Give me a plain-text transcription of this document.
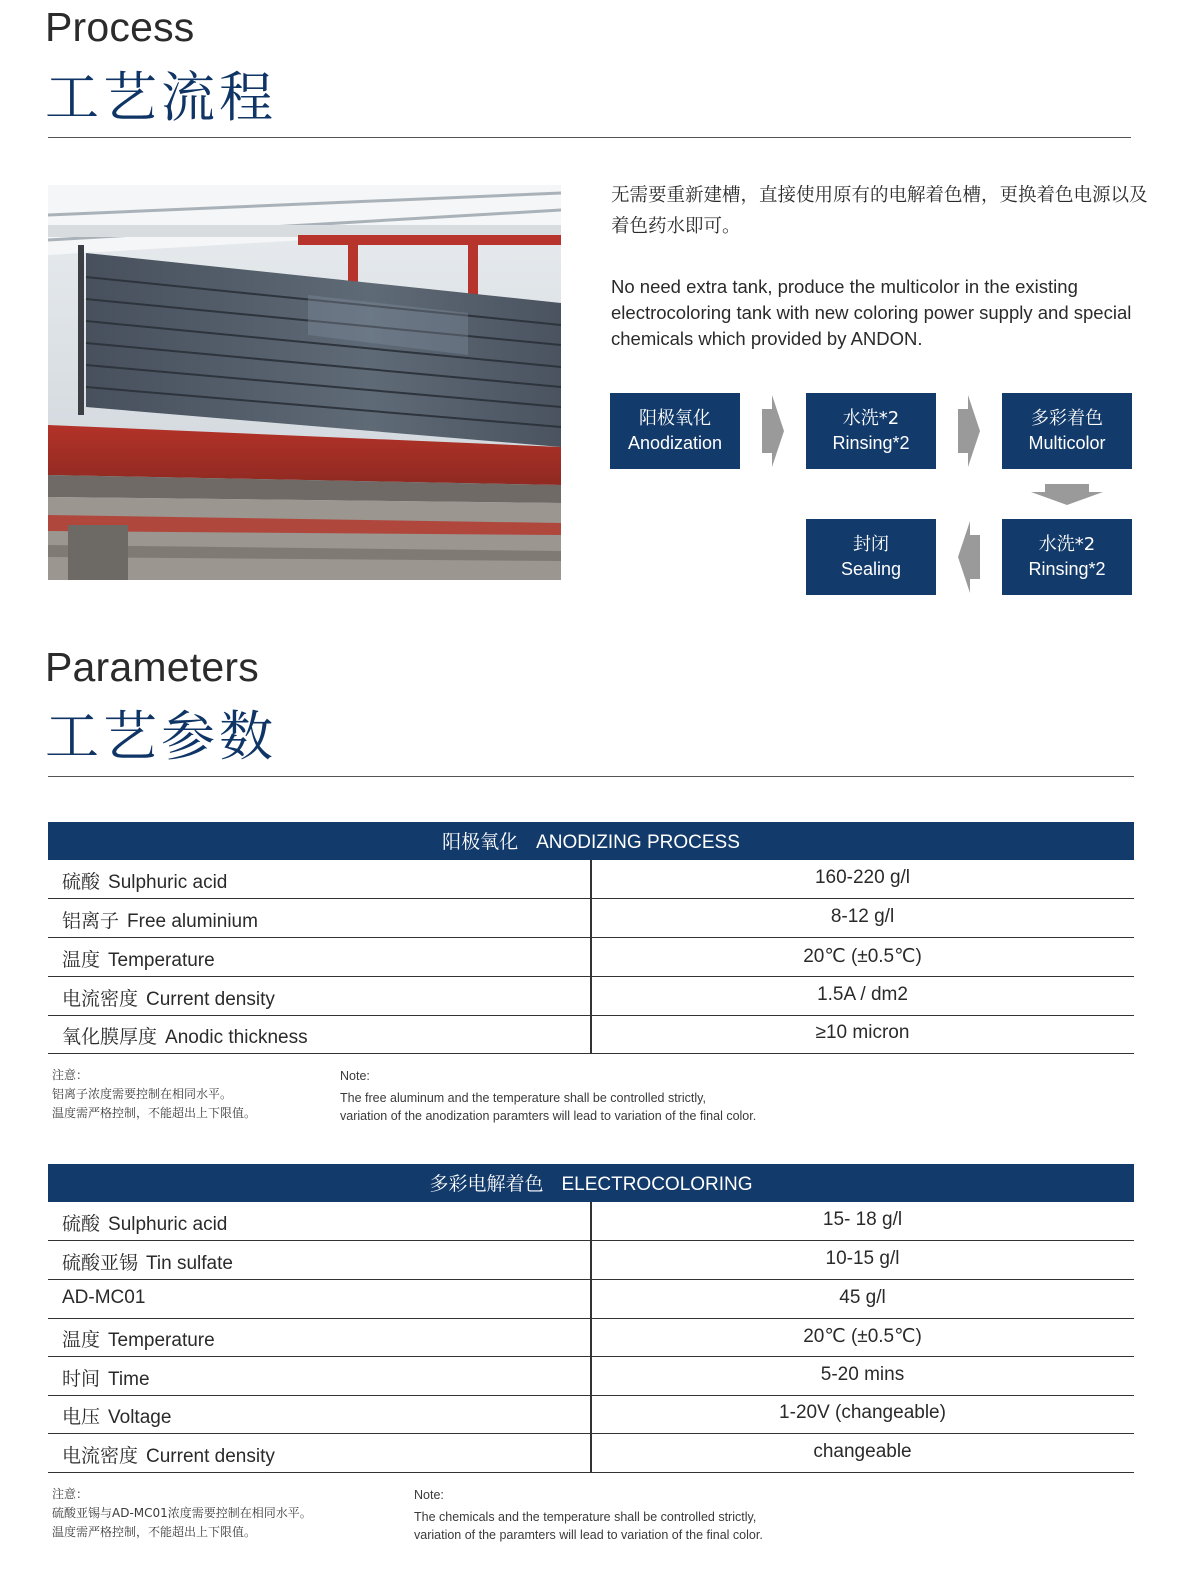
Process
工艺流程
无需要重新建槽，直接使用原有的电解着色槽，更换着色电源以及着色药水即可。
No need extra tank, produce the multicolor in the existing electrocoloring tank with new coloring power supply and special chemicals which provided by ANDON.
阳极氧化
Anodization
水洗*2
Rinsing*2
多彩着色
Multicolor
水洗*2
Rinsing*2
封闭
Sealing
Parameters
工艺参数
阳极氧化 ANODIZING PROCESS
硫酸 Sulphuric acid	160-220 g/l
铝离子 Free aluminium	8-12 g/l
温度 Temperature	20℃ (±0.5℃)
电流密度 Current density	1.5A / dm2
氧化膜厚度 Anodic thickness	≥10 micron
注意：
铝离子浓度需要控制在相同水平。
温度需严格控制，不能超出上下限值。
Note:
The free aluminum and the temperature shall be controlled strictly,
variation of the anodization paramters will lead to variation of the final color.
多彩电解着色 ELECTROCOLORING
硫酸 Sulphuric acid	15- 18 g/l
硫酸亚锡 Tin sulfate	10-15 g/l
AD-MC01	45 g/l
温度 Temperature	20℃ (±0.5℃)
时间 Time	5-20 mins
电压 Voltage	1-20V (changeable)
电流密度 Current density	changeable
注意：
硫酸亚锡与AD-MC01浓度需要控制在相同水平。
温度需严格控制，不能超出上下限值。
Note:
The chemicals and the temperature shall be controlled strictly,
variation of the paramters will lead to variation of the final color.
